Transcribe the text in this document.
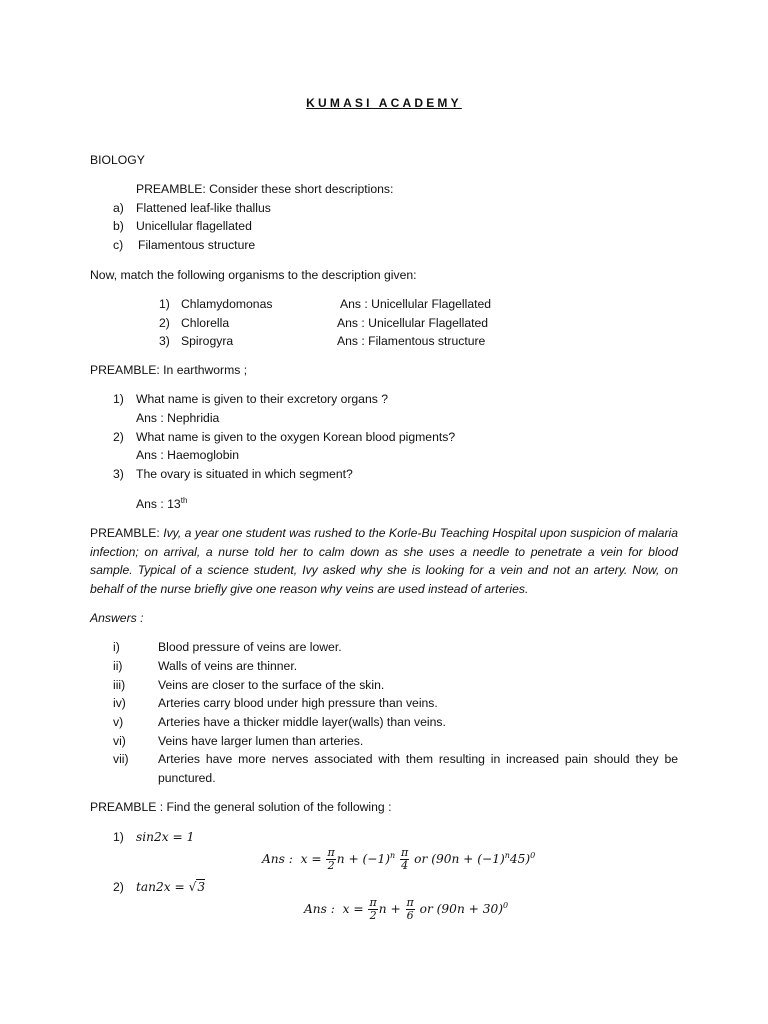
KUMASI ACADEMY
BIOLOGY
PREAMBLE: Consider these short descriptions:
a) Flattened leaf-like thallus
b) Unicellular flagellated
c) Filamentous structure
Now, match the following organisms to the description given:
1) Chlamydomonas	Ans : Unicellular Flagellated
2) Chlorella	Ans : Unicellular Flagellated
3) Spirogyra	Ans : Filamentous structure
PREAMBLE: In earthworms ;
1) What name is given to their excretory organs ?
Ans : Nephridia
2) What name is given to the oxygen Korean blood pigments?
Ans : Haemoglobin
3) The ovary is situated in which segment?
Ans : 13th
PREAMBLE: Ivy, a year one student was rushed to the Korle-Bu Teaching Hospital upon suspicion of malaria infection; on arrival, a nurse told her to calm down as she uses a needle to penetrate a vein for blood sample. Typical of a science student, Ivy asked why she is looking for a vein and not an artery. Now, on behalf of the nurse briefly give one reason why veins are used instead of arteries.
Answers :
i)	Blood pressure of veins are lower.
ii)	Walls of veins are thinner.
iii)	Veins are closer to the surface of the skin.
iv)	Arteries carry blood under high pressure than veins.
v)	Arteries have a thicker middle layer(walls) than veins.
vi)	Veins have larger lumen than arteries.
vii) Arteries have more nerves associated with them resulting in increased pain should they be punctured.
PREAMBLE : Find the general solution of the following :
1) sin2x = 1
Ans : $x = \frac{\pi}{2}$ $n + (-1)^n \frac{\pi}{4}$ or $(90n + (-1)^n45)^0$
2) tan2x = √3
Ans : $x = \frac{\pi}{2}$ $n + \frac{\pi}{6}$ or $(90n + 30)^0$
